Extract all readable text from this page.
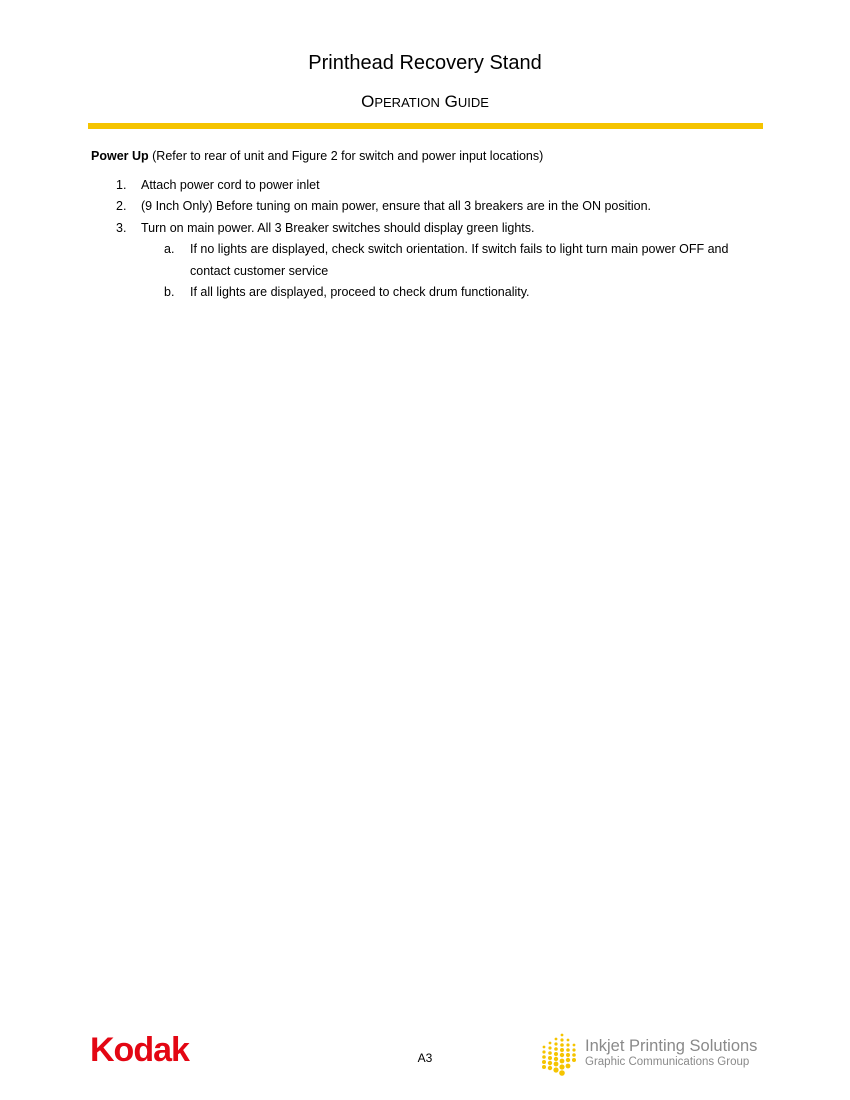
Printhead Recovery Stand
OPERATION GUIDE
Power Up (Refer to rear of unit and Figure 2 for switch and power input locations)
1.	Attach power cord to power inlet
2.	(9 Inch Only) Before tuning on main power, ensure that all 3 breakers are in the ON position.
3.	Turn on main power. All 3 Breaker switches should display green lights.
a.	If no lights are displayed, check switch orientation. If switch fails to light turn main power OFF and contact customer service
b.	If all lights are displayed, proceed to check drum functionality.
Kodak	A3
Inkjet Printing Solutions
Graphic Communications Group
